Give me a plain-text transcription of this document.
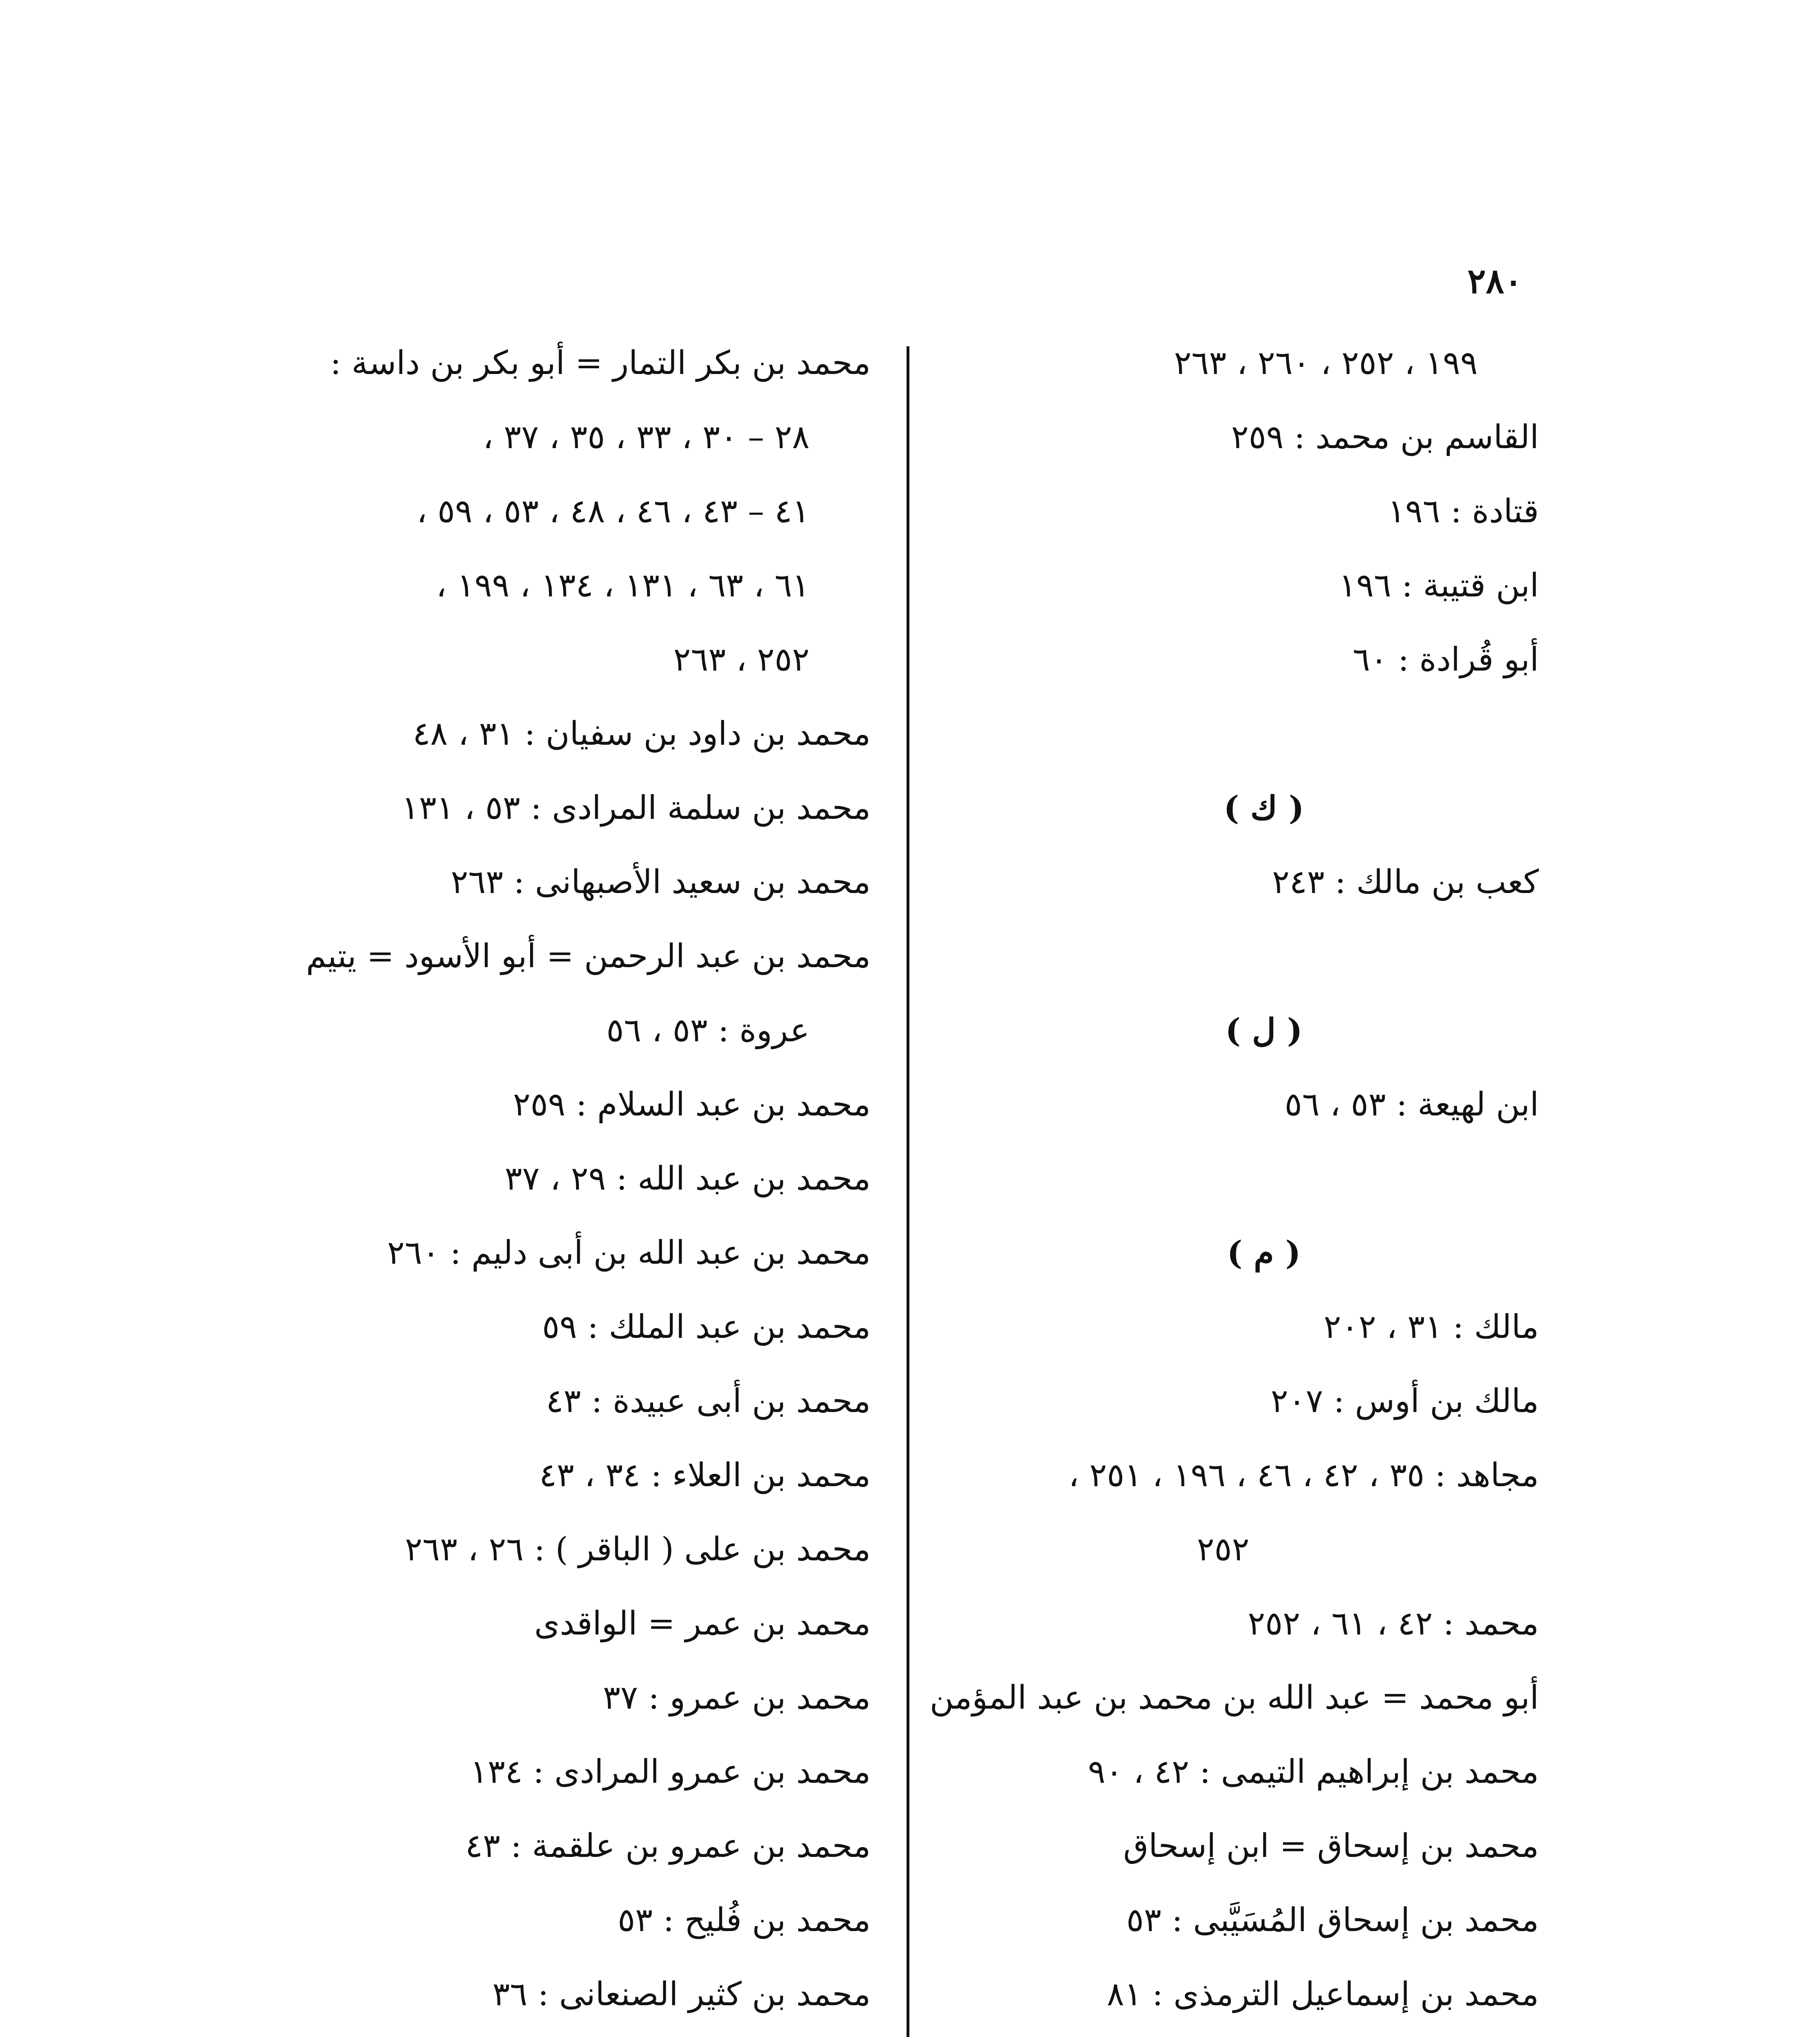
٢٨٠
١٩٩ ، ٢٥٢ ، ٢٦٠ ، ٢٦٣
القاسم بن محمد : ٢٥٩
قتادة : ١٩٦
ابن قتيبة : ١٩٦
أبو قُرادة : ٦٠
( ك )
كعب بن مالك : ٢٤٣
( ل )
ابن لهيعة : ٥٣ ، ٥٦
( م )
مالك : ٣١ ، ٢٠٢
مالك بن أوس : ٢٠٧
مجاهد : ٣٥ ، ٤٢ ، ٤٦ ، ١٩٦ ، ٢٥١ ،
٢٥٢
محمد : ٤٢ ، ٦١ ، ٢٥٢
أبو محمد = عبد الله بن محمد بن عبد المؤمن
محمد بن إبراهيم التيمى : ٤٢ ، ٩٠
محمد بن إسحاق = ابن إسحاق
محمد بن إسحاق المُسَيَّبى : ٥٣
محمد بن إسماعيل الترمذى : ٨١
محمد بن بكر التمار = أبو بكر بن داسة :
٢٨ – ٣٠ ، ٣٣ ، ٣٥ ، ٣٧ ،
٤١ – ٤٣ ، ٤٦ ، ٤٨ ، ٥٣ ، ٥٩ ،
٦١ ، ٦٣ ، ١٣١ ، ١٣٤ ، ١٩٩ ،
٢٥٢ ، ٢٦٣
محمد بن داود بن سفيان : ٣١ ، ٤٨
محمد بن سلمة المرادى : ٥٣ ، ١٣١
محمد بن سعيد الأصبهانى : ٢٦٣
محمد بن عبد الرحمن = أبو الأسود = يتيم
عروة : ٥٣ ، ٥٦
محمد بن عبد السلام : ٢٥٩
محمد بن عبد الله : ٢٩ ، ٣٧
محمد بن عبد الله بن أبى دليم : ٢٦٠
محمد بن عبد الملك : ٥٩
محمد بن أبى عبيدة : ٤٣
محمد بن العلاء : ٣٤ ، ٤٣
محمد بن على ( الباقر ) : ٢٦ ، ٢٦٣
محمد بن عمر = الواقدى
محمد بن عمرو : ٣٧
محمد بن عمرو المرادى : ١٣٤
محمد بن عمرو بن علقمة : ٤٣
محمد بن فُليح : ٥٣
محمد بن كثير الصنعانى : ٣٦
